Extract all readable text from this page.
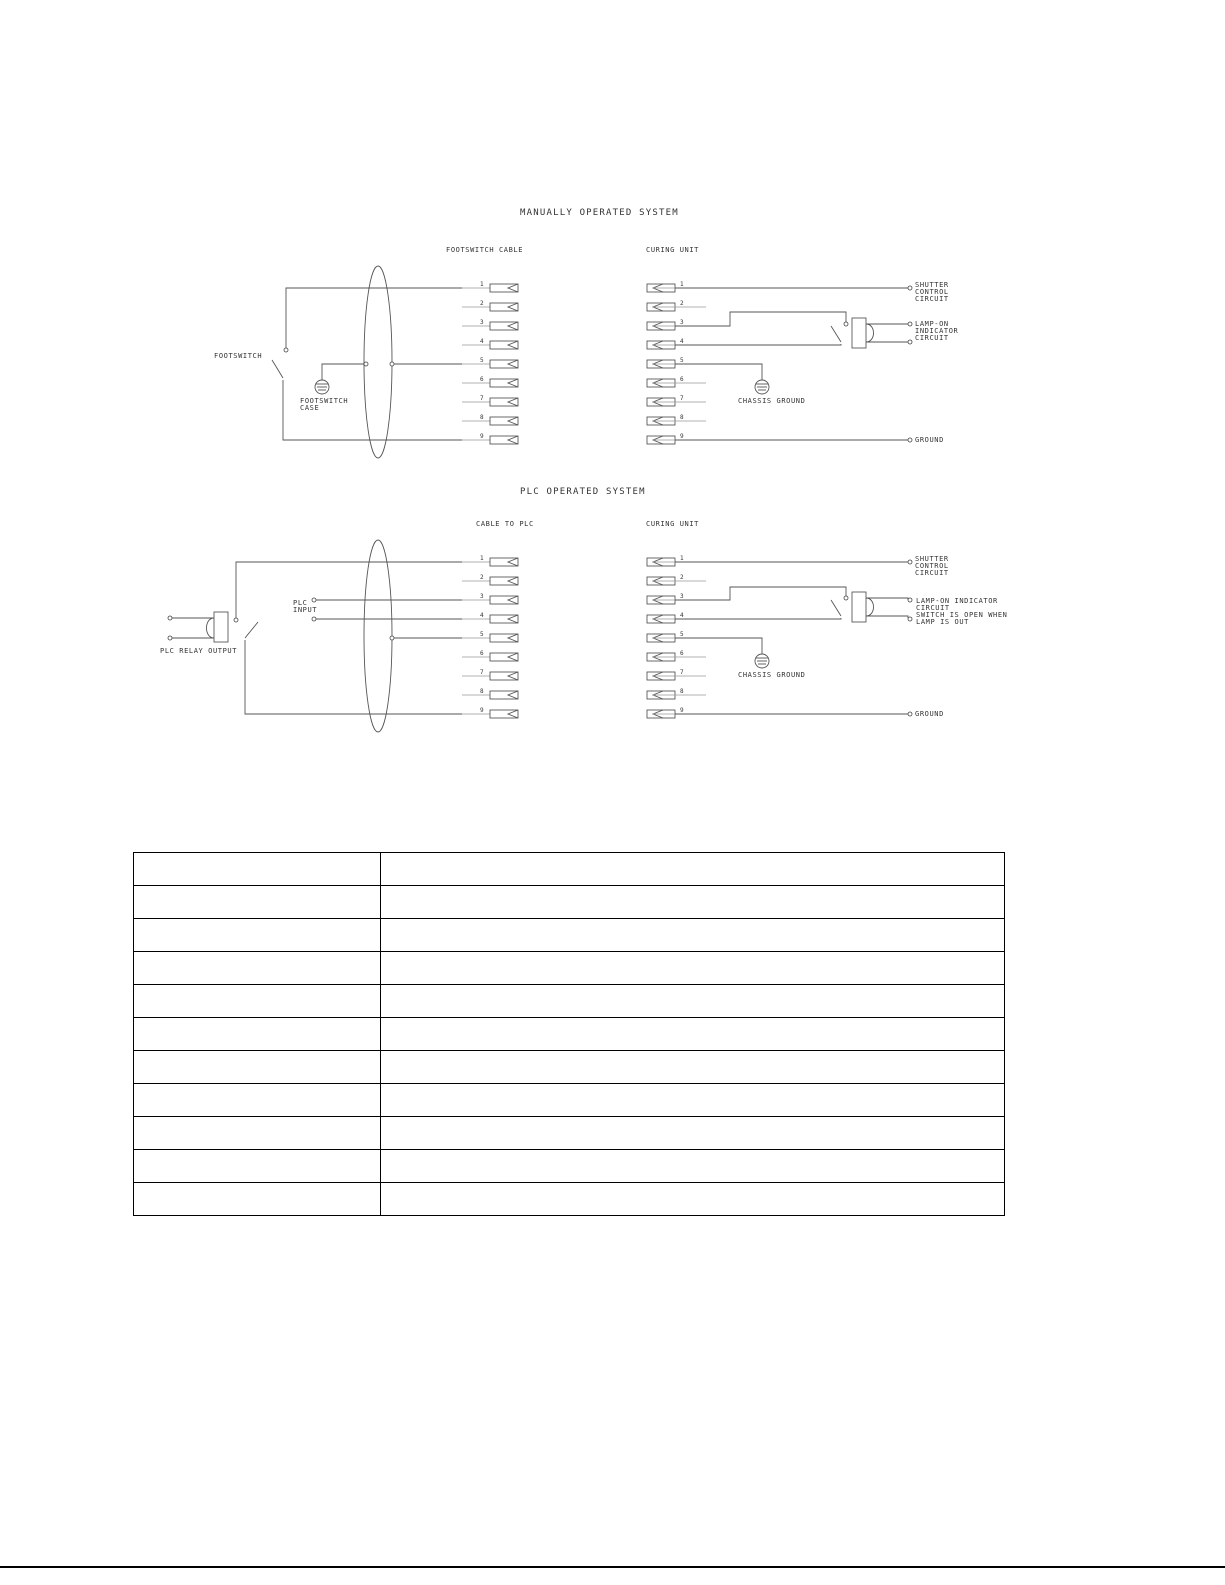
MANUALLY OPERATED SYSTEM
FOOTSWITCH CABLE	CURING UNIT
1
2
3
4
5
6
7
8
9
1
2
3
4
5
6
7
8
9
FOOTSWITCH
FOOTSWITCH
CASE
SHUTTER
CONTROL
CIRCUIT
LAMP-ON
INDICATOR
CIRCUIT
CHASSIS GROUND
GROUND
PLC OPERATED SYSTEM
CABLE TO PLC	CURING UNIT
1
2
3
4
5
6
7
8
9
1
2
3
4
5
6
7
8
9
PLC RELAY OUTPUT
PLC
INPUT
SHUTTER
CONTROL
CIRCUIT
LAMP-ON INDICATOR
CIRCUIT
SWITCH IS OPEN WHEN
LAMP IS OUT
CHASSIS GROUND
GROUND
